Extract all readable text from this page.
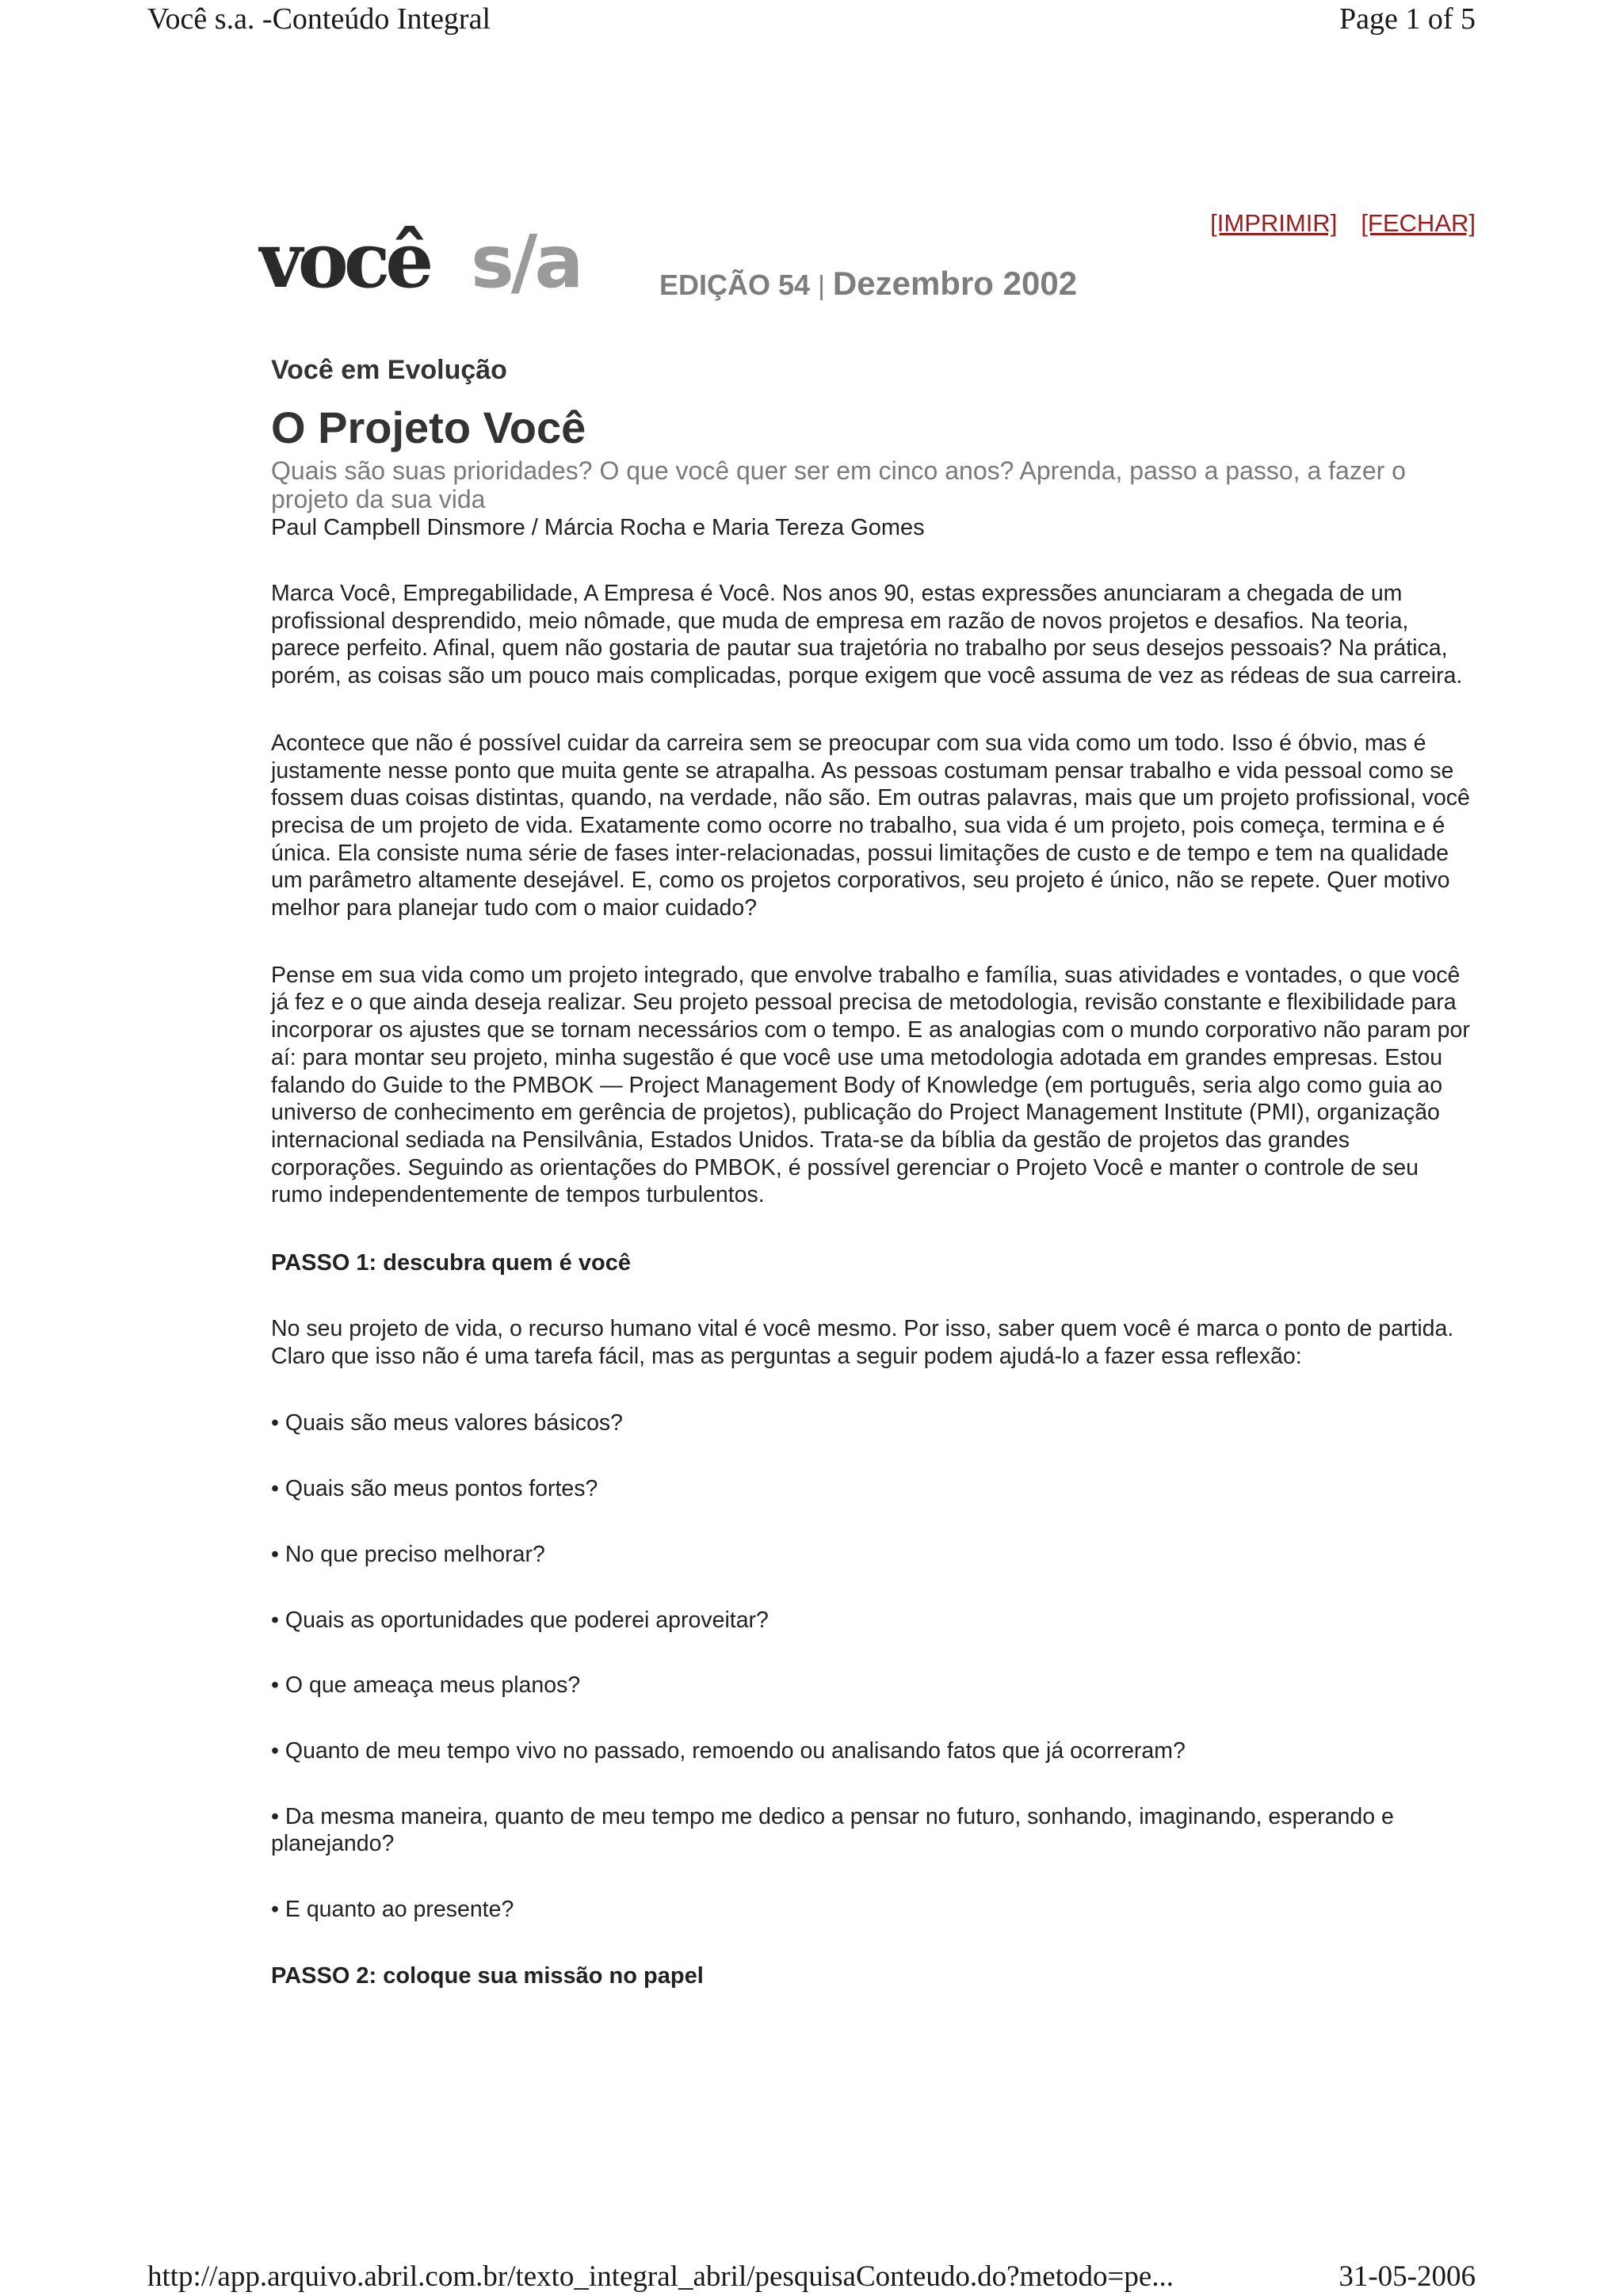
Você s.a. -Conteúdo Integral	Page 1 of 5
você s/a	EDIÇÃO 54 | Dezembro 2002
[IMPRIMIR] [FECHAR]
Você em Evolução
O Projeto Você
Quais são suas prioridades? O que você quer ser em cinco anos? Aprenda, passo a passo, a fazer o projeto da sua vida
Paul Campbell Dinsmore / Márcia Rocha e Maria Tereza Gomes

Marca Você, Empregabilidade, A Empresa é Você. Nos anos 90, estas expressões anunciaram a chegada de um profissional desprendido, meio nômade, que muda de empresa em razão de novos projetos e desafios. Na teoria, parece perfeito. Afinal, quem não gostaria de pautar sua trajetória no trabalho por seus desejos pessoais? Na prática, porém, as coisas são um pouco mais complicadas, porque exigem que você assuma de vez as rédeas de sua carreira.

Acontece que não é possível cuidar da carreira sem se preocupar com sua vida como um todo. Isso é óbvio, mas é justamente nesse ponto que muita gente se atrapalha. As pessoas costumam pensar trabalho e vida pessoal como se fossem duas coisas distintas, quando, na verdade, não são. Em outras palavras, mais que um projeto profissional, você precisa de um projeto de vida. Exatamente como ocorre no trabalho, sua vida é um projeto, pois começa, termina e é única. Ela consiste numa série de fases inter-relacionadas, possui limitações de custo e de tempo e tem na qualidade um parâmetro altamente desejável. E, como os projetos corporativos, seu projeto é único, não se repete. Quer motivo melhor para planejar tudo com o maior cuidado?

Pense em sua vida como um projeto integrado, que envolve trabalho e família, suas atividades e vontades, o que você já fez e o que ainda deseja realizar. Seu projeto pessoal precisa de metodologia, revisão constante e flexibilidade para incorporar os ajustes que se tornam necessários com o tempo. E as analogias com o mundo corporativo não param por aí: para montar seu projeto, minha sugestão é que você use uma metodologia adotada em grandes empresas. Estou falando do Guide to the PMBOK — Project Management Body of Knowledge (em português, seria algo como guia ao universo de conhecimento em gerência de projetos), publicação do Project Management Institute (PMI), organização internacional sediada na Pensilvânia, Estados Unidos. Trata-se da bíblia da gestão de projetos das grandes corporações. Seguindo as orientações do PMBOK, é possível gerenciar o Projeto Você e manter o controle de seu rumo independentemente de tempos turbulentos.

PASSO 1: descubra quem é você

No seu projeto de vida, o recurso humano vital é você mesmo. Por isso, saber quem você é marca o ponto de partida. Claro que isso não é uma tarefa fácil, mas as perguntas a seguir podem ajudá-lo a fazer essa reflexão:

• Quais são meus valores básicos?
• Quais são meus pontos fortes?
• No que preciso melhorar?
• Quais as oportunidades que poderei aproveitar?
• O que ameaça meus planos?
• Quanto de meu tempo vivo no passado, remoendo ou analisando fatos que já ocorreram?
• Da mesma maneira, quanto de meu tempo me dedico a pensar no futuro, sonhando, imaginando, esperando e planejando?
• E quanto ao presente?
PASSO 2: coloque sua missão no papel
http://app.arquivo.abril.com.br/texto_integral_abril/pesquisaConteudo.do?metodo=pe...	31-05-2006
